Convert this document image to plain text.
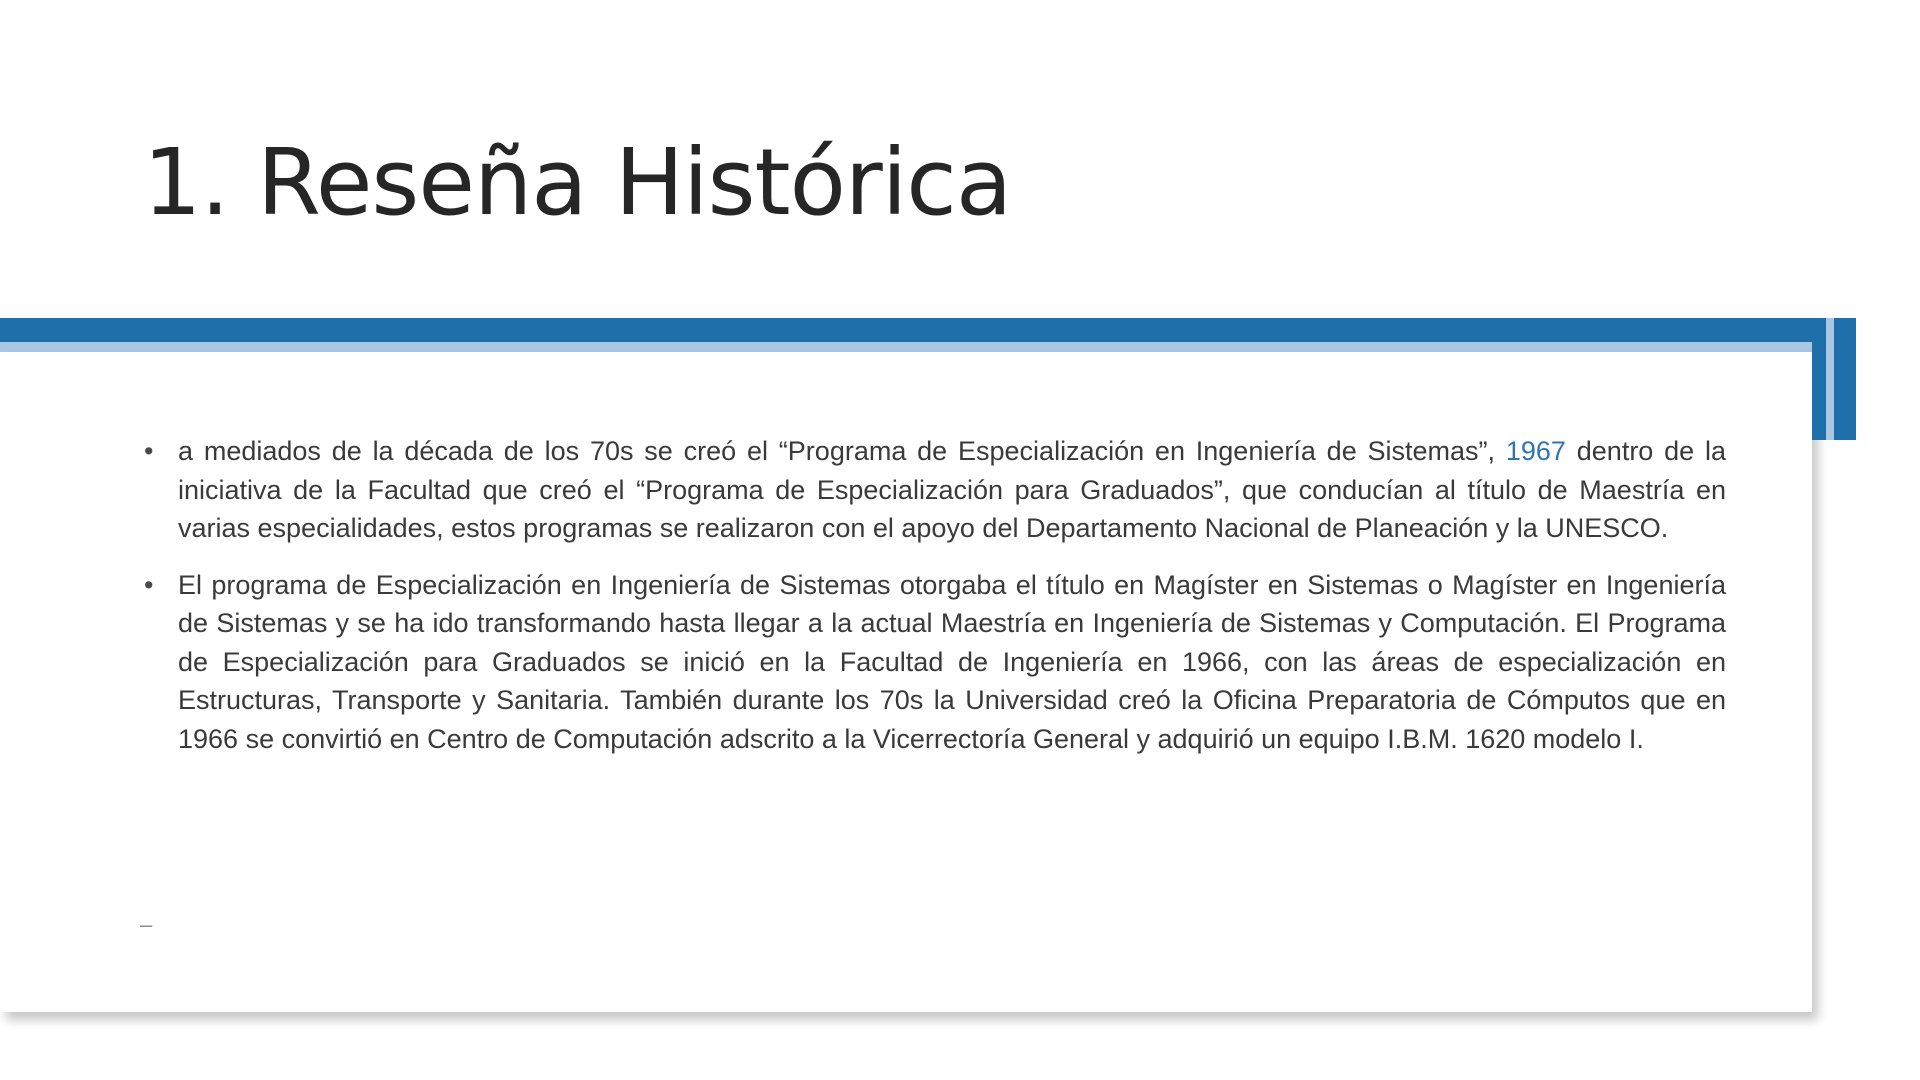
1. Reseña Histórica
• a mediados de la década de los 70s se creó el “Programa de Especialización en Ingeniería de Sistemas”, 1967 dentro de la iniciativa de la Facultad que creó el “Programa de Especialización para Graduados”, que conducían al título de Maestría en varias especialidades, estos programas se realizaron con el apoyo del Departamento Nacional de Planeación y la UNESCO.
• El programa de Especialización en Ingeniería de Sistemas otorgaba el título en Magíster en Sistemas o Magíster en Ingeniería de Sistemas y se ha ido transformando hasta llegar a la actual Maestría en Ingeniería de Sistemas y Computación. El Programa de Especialización para Graduados se inició en la Facultad de Ingeniería en 1966, con las áreas de especialización en Estructuras, Transporte y Sanitaria. También durante los 70s la Universidad creó la Oficina Preparatoria de Cómputos que en 1966 se convirtió en Centro de Computación adscrito a la Vicerrectoría General y adquirió un equipo I.B.M. 1620 modelo I.
–
